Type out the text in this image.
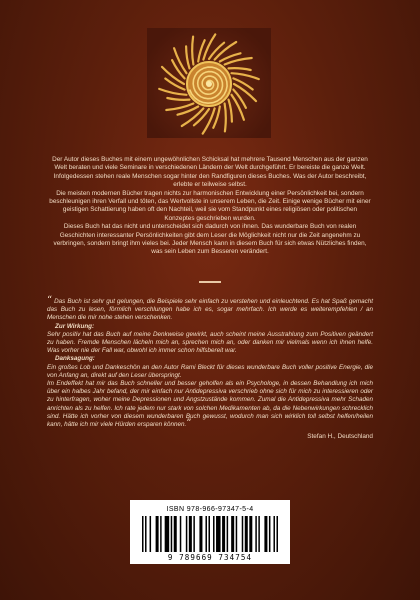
Der Autor dieses Buches mit einem ungewöhnlichen Schicksal hat mehrere Tausend Menschen aus der ganzen Welt beraten und viele Seminare in verschiedenen Ländern der Welt durchgeführt. Er bereiste die ganze Welt. Infolgedessen stehen reale Menschen sogar hinter den Randfiguren dieses Buches. Was der Autor beschreibt, erlebte er teilweise selbst.

Die meisten modernen Bücher tragen nichts zur harmonischen Entwicklung einer Persönlichkeit bei, sondern beschleunigen ihren Verfall und töten, das Wertvollste in unserem Leben, die Zeit. Einige wenige Bücher mit einer geistigen Schattierung haben oft den Nachteil, weil sie vom Standpunkt eines religiösen oder politischen Konzeptes geschrieben wurden.

Dieses Buch hat das nicht und unterscheidet sich dadurch von ihnen. Das wunderbare Buch von realen Geschichten interessanter Persönlichkeiten gibt dem Leser die Möglichkeit nicht nur die Zeit angenehm zu verbringen, sondern bringt ihm vieles bei. Jeder Mensch kann in diesem Buch für sich etwas Nützliches finden, was sein Leben zum Besseren verändert.

“ Das Buch ist sehr gut gelungen, die Beispiele sehr einfach zu verstehen und einleuchtend. Es hat Spaß gemacht das Buch zu lesen, förmlich verschlungen habe ich es, sogar mehrfach. Ich werde es weiterempfehlen / an Menschen die mir nohe stehen verschenken.

Zur Wirkung:

Sehr positiv hat das Buch auf meine Denkweise gewirkt, auch scheint meine Ausstrahlung zum Positiven geändert zu haben. Fremde Menschen lächeln mich an, sprechen mich an, oder danken mir vielmals wenn ich ihnen helfe. Was vorher nie der Fall war, obwohl ich immer schon hilfsbereit war.

Danksagung:

Ein großes Lob und Dankeschön an den Autor Rami Bleckt für dieses wunderbare Buch voller positive Energie, die von Anfang an, direkt auf den Leser überspringt.

Im Endeffekt hat mir das Buch schneller und besser geholfen als ein Psychologe, in dessen Behandlung ich mich über ein halbes Jahr befand, der mir einfach nur Antidepressiva verschrieb ohne sich für mich zu interessieren oder zu hinterfragen, woher meine Depressionen und Angstzustände kommen. Zumal die Antidepressiva mehr Schaden anrichten als zu helfen. Ich rate jedem nur stark von solchen Medikamenten ab, da die Nebenwirkungen schrecklich sind. Hätte ich vorher von diesem wunderbaren Buch gewusst, wodurch man sich wirklich toll selbst helfen/heilen kann, hätte ich mir viele Hürden ersparen können.”

Stefan H., Deutschland

ISBN 978-966-97347-5-4
9 789669 734754
